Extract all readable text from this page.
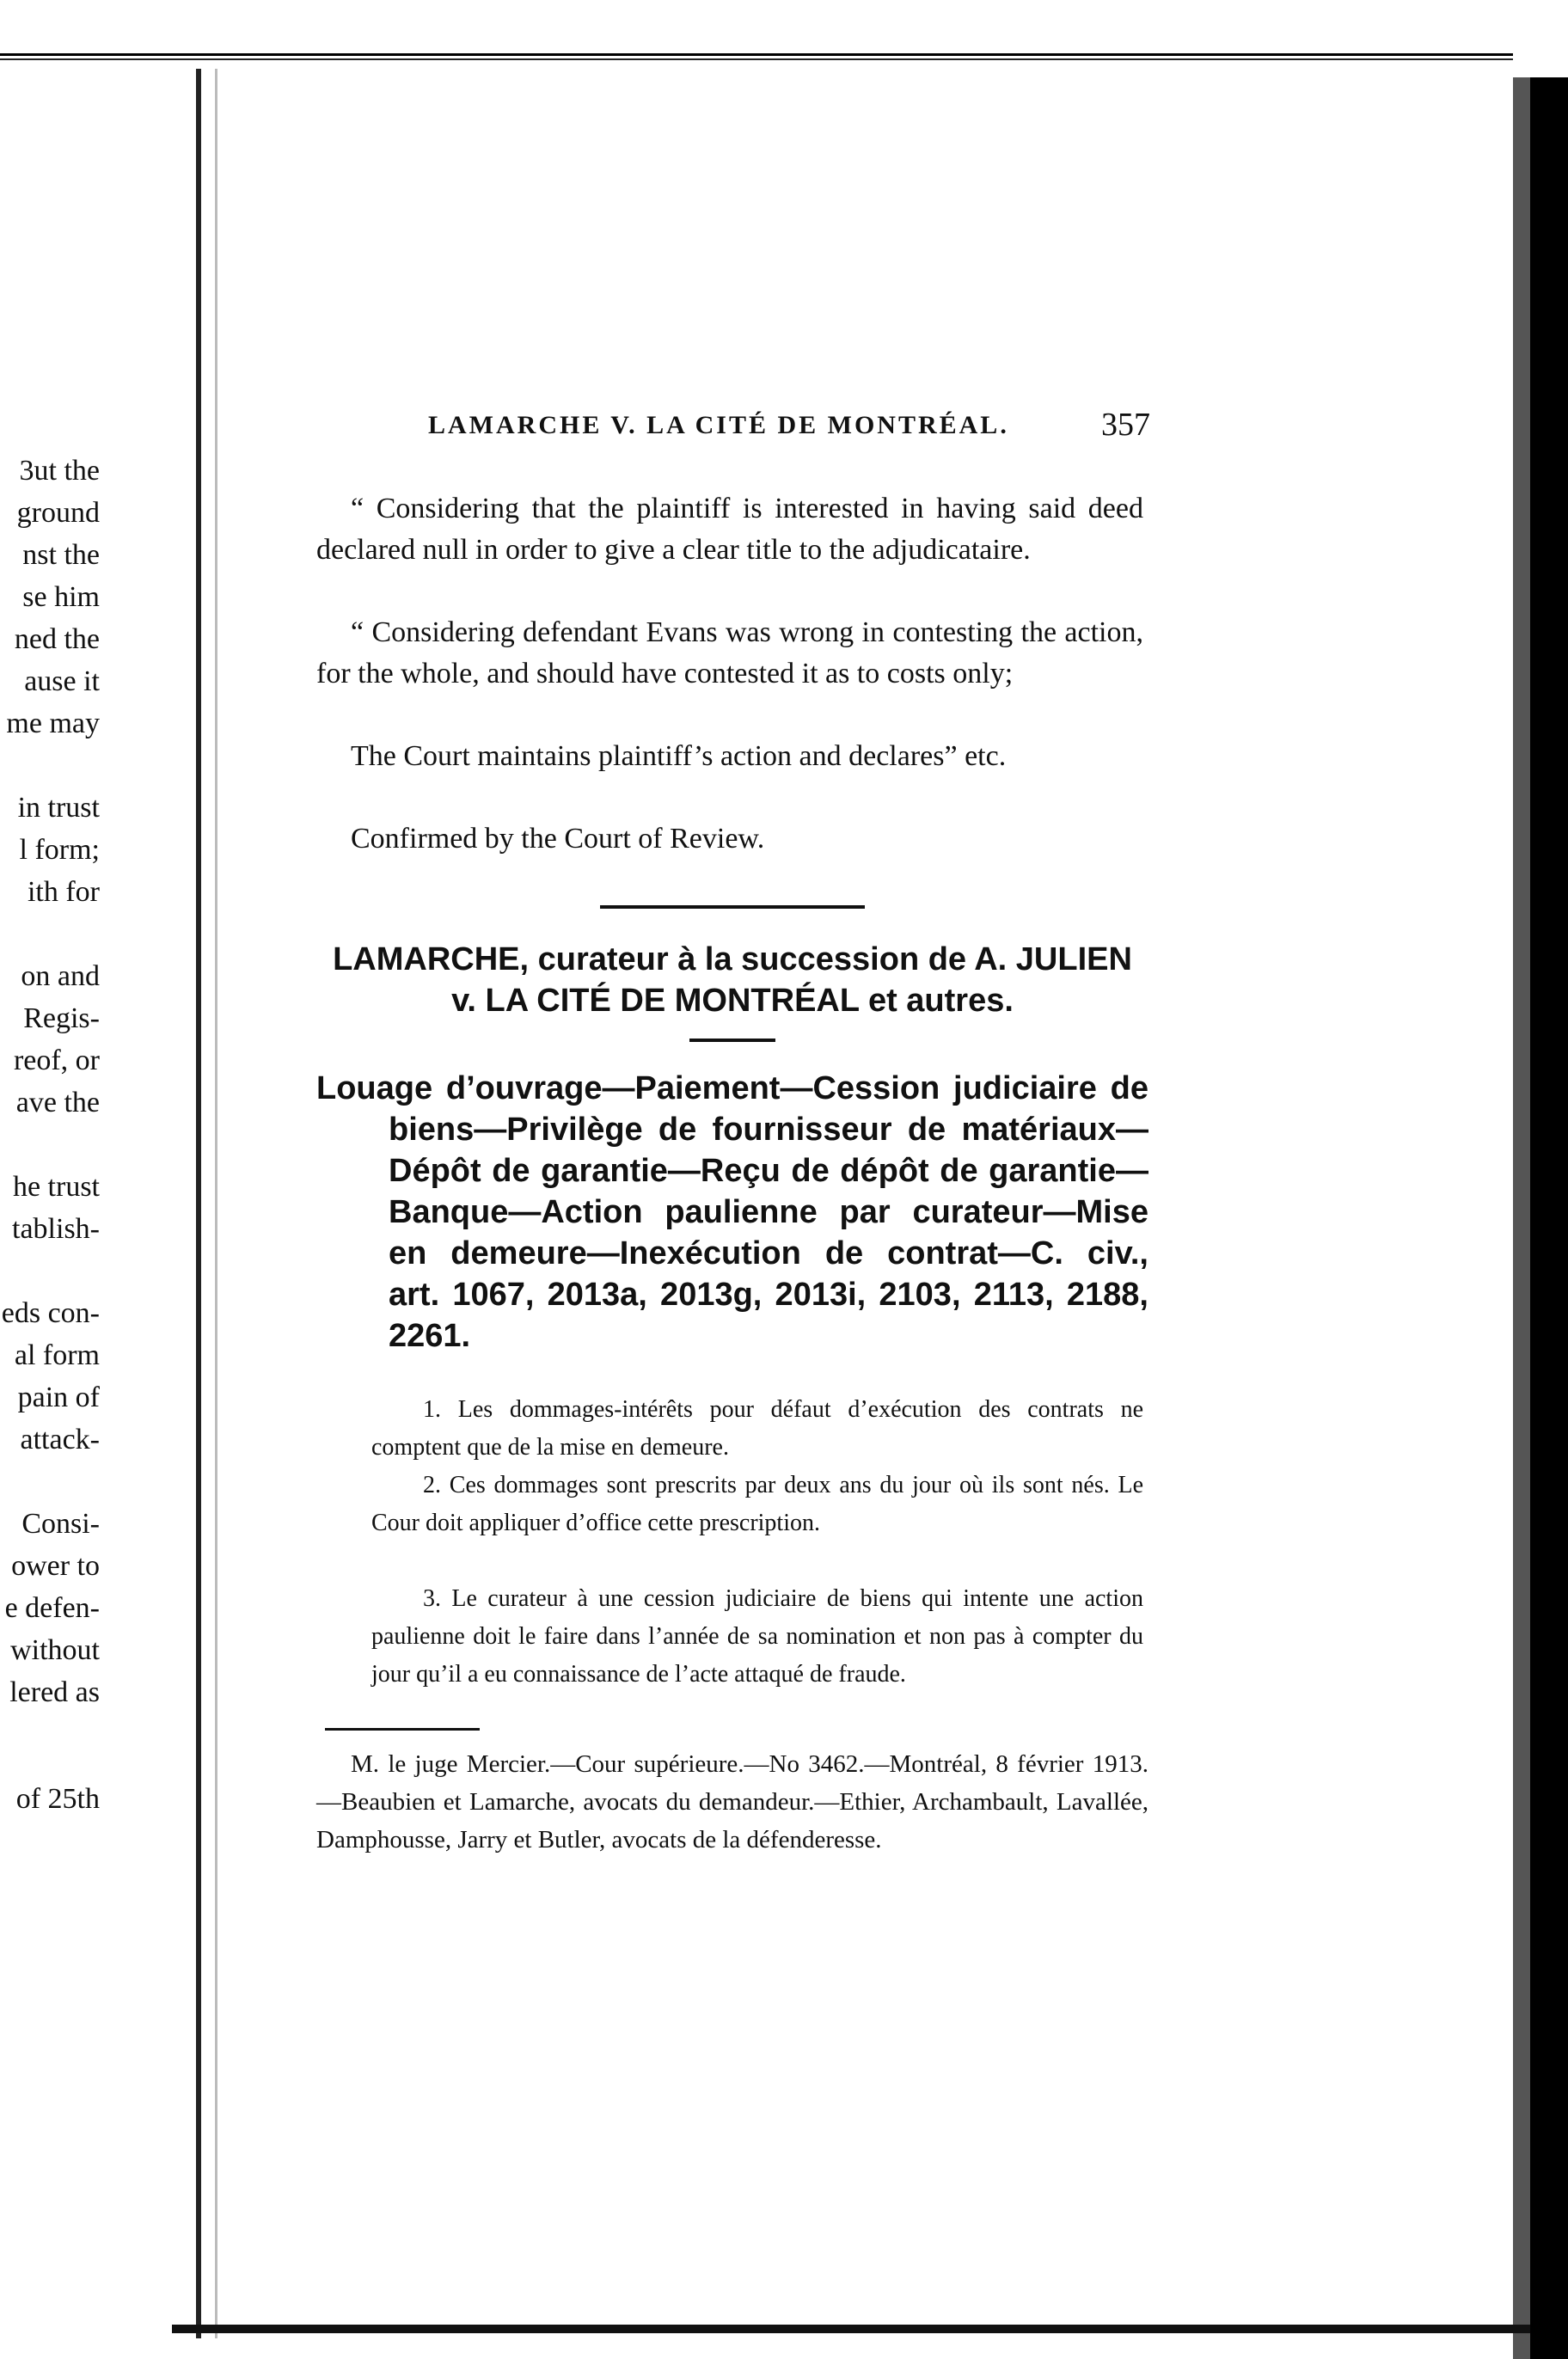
3ut the
ground
nst the
se him
ned the
ause it
me may
in trust
l form;
ith for
on and
Regis-
reof, or
ave the
he trust
tablish-
eds con-
al form
pain of
attack-
Consi-
ower to
e defen-
without
lered as
of 25th
LAMARCHE V. LA CITÉ DE MONTRÉAL.	357
“ Considering that the plaintiff is interested in having said deed declared null in order to give a clear title to the adjudicataire.
“ Considering defendant Evans was wrong in contesting the action, for the whole, and should have contested it as to costs only;
The Court maintains plaintiff’s action and declares” etc.
Confirmed by the Court of Review.
LAMARCHE, curateur à la succession de A. JULIEN
v. LA CITÉ DE MONTRÉAL et autres.
Louage d’ouvrage—Paiement—Cession judiciaire de biens—Privilège de fournisseur de matériaux—Dépôt de garantie—Reçu de dépôt de garantie—Banque—Action paulienne par curateur—Mise en demeure—Inexécution de contrat—C. civ., art. 1067, 2013a, 2013g, 2013i, 2103, 2113, 2188, 2261.
1. Les dommages-intérêts pour défaut d’exécution des contrats ne comptent que de la mise en demeure.
2. Ces dommages sont prescrits par deux ans du jour où ils sont nés. Le Cour doit appliquer d’office cette prescription.
3. Le curateur à une cession judiciaire de biens qui intente une action paulienne doit le faire dans l’année de sa nomination et non pas à compter du jour qu’il a eu connaissance de l’acte attaqué de fraude.
M. le juge Mercier.—Cour supérieure.—No 3462.—Montréal, 8 février 1913.—Beaubien et Lamarche, avocats du demandeur.—Ethier, Archambault, Lavallée, Damphousse, Jarry et Butler, avocats de la défenderesse.
